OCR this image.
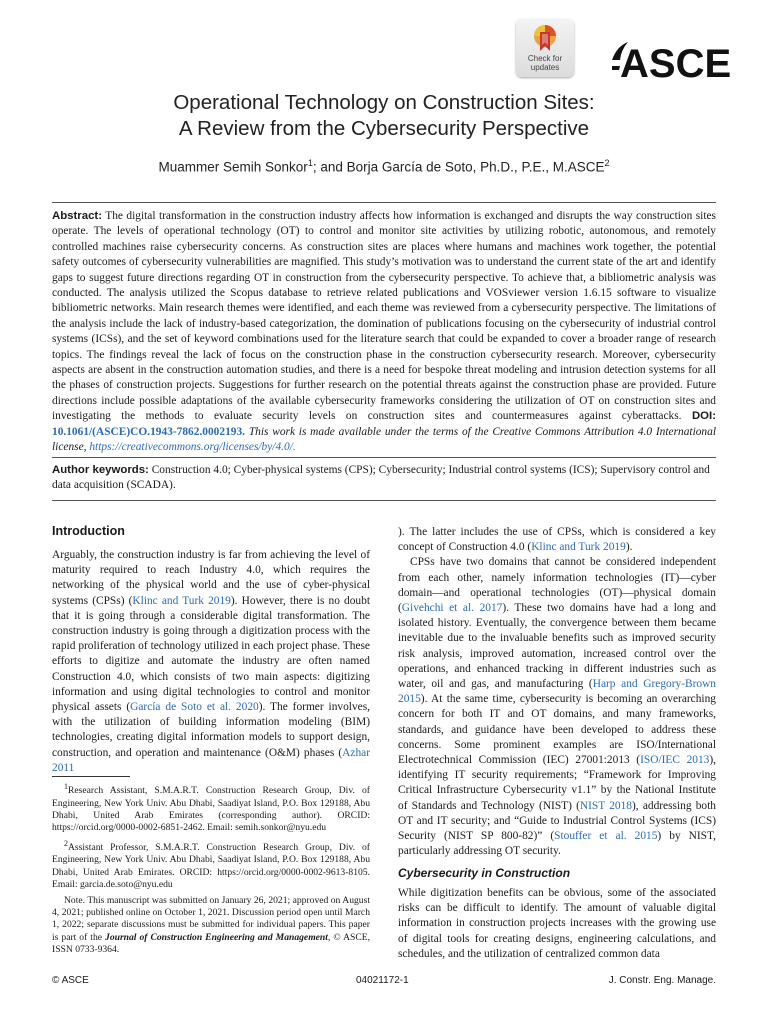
Check for
updates	ASCE
Operational Technology on Construction Sites:
A Review from the Cybersecurity Perspective
Muammer Semih Sonkor$^1$; and Borja García de Soto, Ph.D., P.E., M.ASCE$^2$
Abstract: The digital transformation in the construction industry affects how information is exchanged and disrupts the way construction sites operate. The levels of operational technology (OT) to control and monitor site activities by utilizing robotic, autonomous, and remotely controlled machines raise cybersecurity concerns. As construction sites are places where humans and machines work together, the potential safety outcomes of cybersecurity vulnerabilities are magnified. This study’s motivation was to understand the current state of the art and identify gaps to suggest future directions regarding OT in construction from the cybersecurity perspective. To achieve that, a bibliometric analysis was conducted. The analysis utilized the Scopus database to retrieve related publications and VOSviewer version 1.6.15 software to visualize bibliometric networks. Main research themes were identified, and each theme was reviewed from a cybersecurity perspective. The limitations of the analysis include the lack of industry-based categorization, the domination of publications focusing on the cybersecurity of industrial control systems (ICSs), and the set of keyword combinations used for the literature search that could be expanded to cover a broader range of research topics. The findings reveal the lack of focus on the construction phase in the construction cybersecurity research. Moreover, cybersecurity aspects are absent in the construction automation studies, and there is a need for bespoke threat modeling and intrusion detection systems for all the phases of construction projects. Suggestions for further research on the potential threats against the construction phase are provided. Future directions include possible adaptations of the available cybersecurity frameworks considering the utilization of OT on construction sites and investigating the methods to evaluate security levels on construction sites and countermeasures against cyberattacks. DOI: 10.1061/(ASCE)CO.1943-7862.0002193. This work is made available under the terms of the Creative Commons Attribution 4.0 International license, https://creativecommons.org/licenses/by/4.0/.
Author keywords: Construction 4.0; Cyber-physical systems (CPS); Cybersecurity; Industrial control systems (ICS); Supervisory control and data acquisition (SCADA).
Introduction

Arguably, the construction industry is far from achieving the level of maturity required to reach Industry 4.0, which requires the networking of the physical world and the use of cyber-physical systems (CPSs) (Klinc and Turk 2019). However, there is no doubt that it is going through a considerable digital transformation. The construction industry is going through a digitization process with the rapid proliferation of technology utilized in each project phase. These efforts to digitize and automate the industry are often named Construction 4.0, which consists of two main aspects: digitizing information and using digital technologies to control and monitor physical assets (García de Soto et al. 2020). The former involves, with the utilization of building information modeling (BIM) technologies, creating digital information models to support design, construction, and operation and maintenance (O&M) phases (Azhar 2011

$^1$Research Assistant, S.M.A.R.T. Construction Research Group, Div. of Engineering, New York Univ. Abu Dhabi, Saadiyat Island, P.O. Box 129188, Abu Dhabi, United Arab Emirates (corresponding author). ORCID: https://orcid.org/0000-0002-6851-2462. Email: semih.sonkor@nyu.edu

$^2$Assistant Professor, S.M.A.R.T. Construction Research Group, Div. of Engineering, New York Univ. Abu Dhabi, Saadiyat Island, P.O. Box 129188, Abu Dhabi, United Arab Emirates. ORCID: https://orcid.org/0000-0002-9613-8105. Email: garcia.de.soto@nyu.edu

Note. This manuscript was submitted on January 26, 2021; approved on August 4, 2021; published online on October 1, 2021. Discussion period open until March 1, 2022; separate discussions must be submitted for individual papers. This paper is part of the Journal of Construction Engineering and Management, © ASCE, ISSN 0733-9364.

). The latter includes the use of CPSs, which is considered a key concept of Construction 4.0 (Klinc and Turk 2019).

CPSs have two domains that cannot be considered independent from each other, namely information technologies (IT)—cyber domain—and operational technologies (OT)—physical domain (Givehchi et al. 2017). These two domains have had a long and isolated history. Eventually, the convergence between them became inevitable due to the invaluable benefits such as improved security risk analysis, improved automation, increased control over the operations, and enhanced tracking in different industries such as water, oil and gas, and manufacturing (Harp and Gregory-Brown 2015). At the same time, cybersecurity is becoming an overarching concern for both IT and OT domains, and many frameworks, standards, and guidance have been developed to address these concerns. Some prominent examples are ISO/International Electrotechnical Commission (IEC) 27001:2013 (ISO/IEC 2013), identifying IT security requirements; “Framework for Improving Critical Infrastructure Cybersecurity v1.1” by the National Institute of Standards and Technology (NIST) (NIST 2018), addressing both OT and IT security; and “Guide to Industrial Control Systems (ICS) Security (NIST SP 800-82)” (Stouffer et al. 2015) by NIST, particularly addressing OT security.

Cybersecurity in Construction

While digitization benefits can be obvious, some of the associated risks can be difficult to identify. The amount of valuable digital information in construction projects increases with the growing use of digital tools for creating designs, engineering calculations, and schedules, and the utilization of centralized common data

© ASCE	04021172-1	J. Constr. Eng. Manage.
